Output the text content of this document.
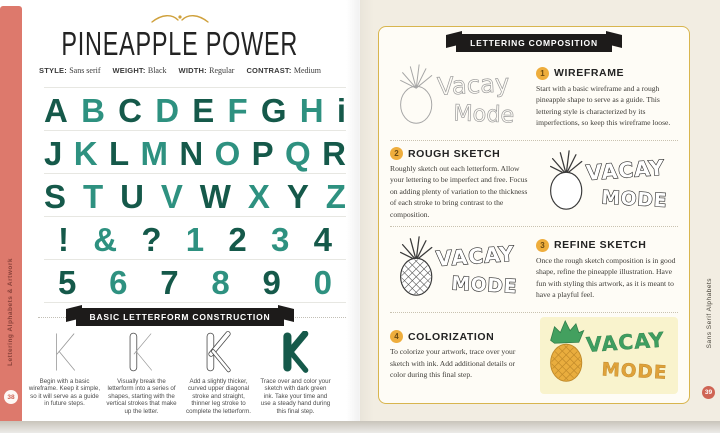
Lettering Alphabets & Artwork
38
PINEAPPLE POWER
STYLE: Sans serif WEIGHT: Black WIDTH: Regular CONTRAST: Medium
A B C D E F G H i
J K L M N O P Q R
S T U V W X Y Z
! & ? 1 2 3 4
5 6 7 8 9 0
BASIC LETTERFORM CONSTRUCTION
Begin with a basic wireframe. Keep it simple, so it will serve as a guide in future steps.
Visually break the letterform into a series of shapes, starting with the vertical strokes that make up the letter.
Add a slightly thicker, curved upper diagonal stroke and straight, thinner leg stroke to complete the letterform.
Trace over and color your sketch with dark green ink. Take your time and use a steady hand during this final step.
LETTERING COMPOSITION
Vacay
Mode
1 WIREFRAME
Start with a basic wireframe and a rough pineapple shape to serve as a guide. This lettering style is characterized by its imperfections, so keep this wireframe loose.
2 ROUGH SKETCH
Roughly sketch out each letterform. Allow your lettering to be imperfect and free. Focus on adding plenty of variation to the thickness of each stroke to bring contrast to the composition.
VACAY
MODE
VACAY
MODE
3 REFINE SKETCH
Once the rough sketch composition is in good shape, refine the pineapple illustration. Have fun with styling this artwork, as it is meant to have a playful feel.
4 COLORIZATION
To colorize your artwork, trace over your sketch with ink. Add additional details or color during this final step.
VACAY
MODE
Sans Serif Alphabets
39
